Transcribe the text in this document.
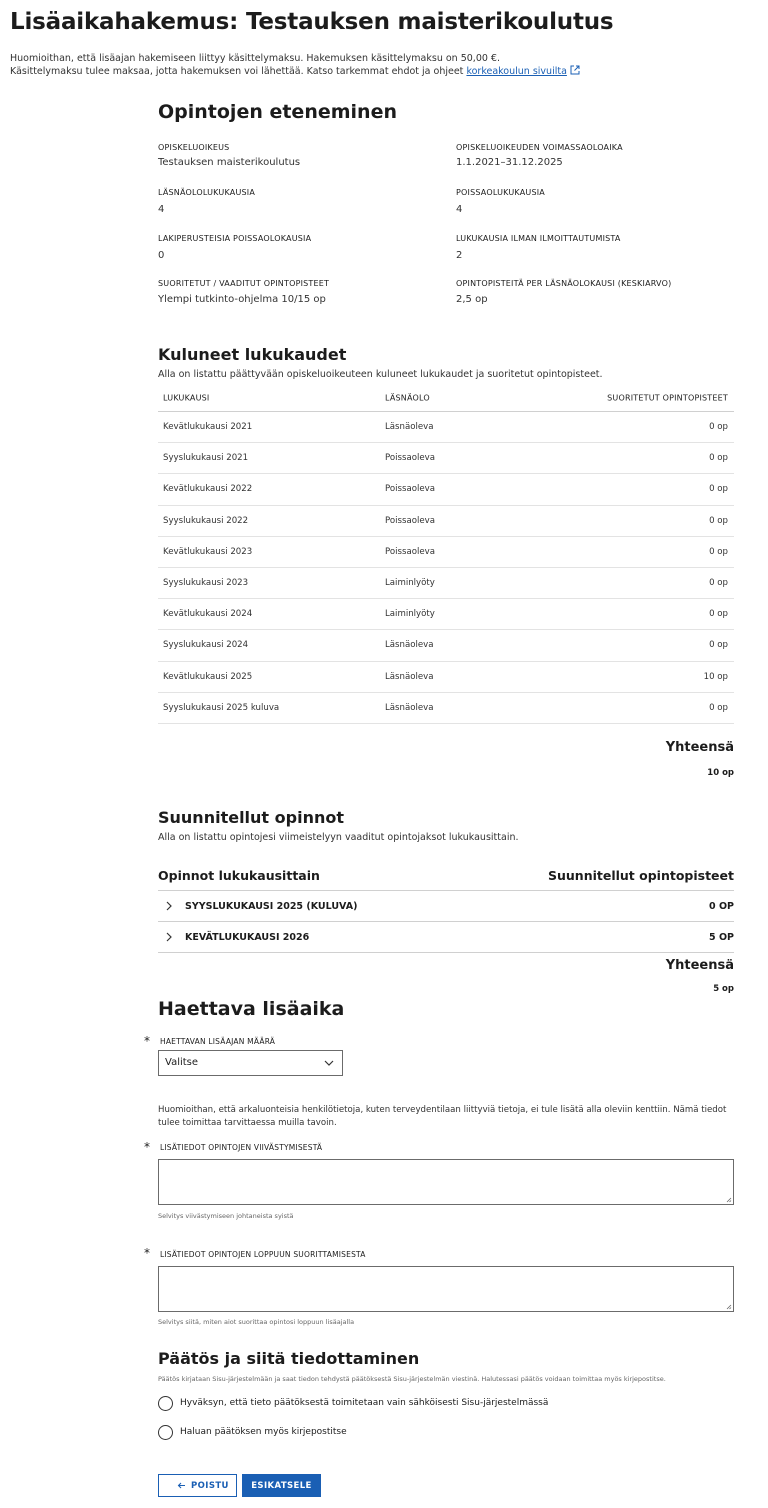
Lisäaikahakemus: Testauksen maisterikoulutus
Huomioithan, että lisäajan hakemiseen liittyy käsittelymaksu. Hakemuksen käsittelymaksu on 50,00 €.
Käsittelymaksu tulee maksaa, jotta hakemuksen voi lähettää. Katso tarkemmat ehdot ja ohjeet korkeakoulun sivuilta
Opintojen eteneminen
OPISKELUOIKEUS
Testauksen maisterikoulutus
OPISKELUOIKEUDEN VOIMASSAOLOAIKA
1.1.2021–31.12.2025
LÄSNÄOLOLUKUKAUSIA
4
POISSAOLUKUKAUSIA
4
LAKIPERUSTEISIA POISSAOLOKAUSIA
0
LUKUKAUSIA ILMAN ILMOITTAUTUMISTA
2
SUORITETUT / VAADITUT OPINTOPISTEET
Ylempi tutkinto-ohjelma 10/15 op
OPINTOPISTEITÄ PER LÄSNÄOLOKAUSI (KESKIARVO)
2,5 op
Kuluneet lukukaudet
Alla on listattu päättyvään opiskeluoikeuteen kuluneet lukukaudet ja suoritetut opintopisteet.
LUKUKAUSI	LÄSNÄOLO	SUORITETUT OPINTOPISTEET
Kevätlukukausi 2021	Läsnäoleva	0 op
Syyslukukausi 2021	Poissaoleva	0 op
Kevätlukukausi 2022	Poissaoleva	0 op
Syyslukukausi 2022	Poissaoleva	0 op
Kevätlukukausi 2023	Poissaoleva	0 op
Syyslukukausi 2023	Laiminlyöty	0 op
Kevätlukukausi 2024	Laiminlyöty	0 op
Syyslukukausi 2024	Läsnäoleva	0 op
Kevätlukukausi 2025	Läsnäoleva	10 op
Syyslukukausi 2025 kuluva	Läsnäoleva	0 op
Yhteensä
10 op
Suunnitellut opinnot
Alla on listattu opintojesi viimeistelyyn vaaditut opintojaksot lukukausittain.
Opinnot lukukausittain	Suunnitellut opintopisteet
SYYSLUKUKAUSI 2025 (KULUVA)	0 OP
KEVÄTLUKUKAUSI 2026	5 OP
Yhteensä
5 op
Haettava lisäaika
* HAETTAVAN LISÄAJAN MÄÄRÄ
Valitse
Huomioithan, että arkaluonteisia henkilötietoja, kuten terveydentilaan liittyviä tietoja, ei tule lisätä alla oleviin kenttiin. Nämä tiedot
tulee toimittaa tarvittaessa muilla tavoin.
* LISÄTIEDOT OPINTOJEN VIIVÄSTYMISESTÄ
Selvitys viivästymiseen johtaneista syistä
* LISÄTIEDOT OPINTOJEN LOPPUUN SUORITTAMISESTA
Selvitys siitä, miten aiot suorittaa opintosi loppuun lisäajalla
Päätös ja siitä tiedottaminen
Päätös kirjataan Sisu-järjestelmään ja saat tiedon tehdystä päätöksestä Sisu-järjestelmän viestinä. Halutessasi päätös voidaan toimittaa myös kirjepostitse.
Hyväksyn, että tieto päätöksestä toimitetaan vain sähköisesti Sisu-järjestelmässä
Haluan päätöksen myös kirjepostitse
POISTU	ESIKATSELE
